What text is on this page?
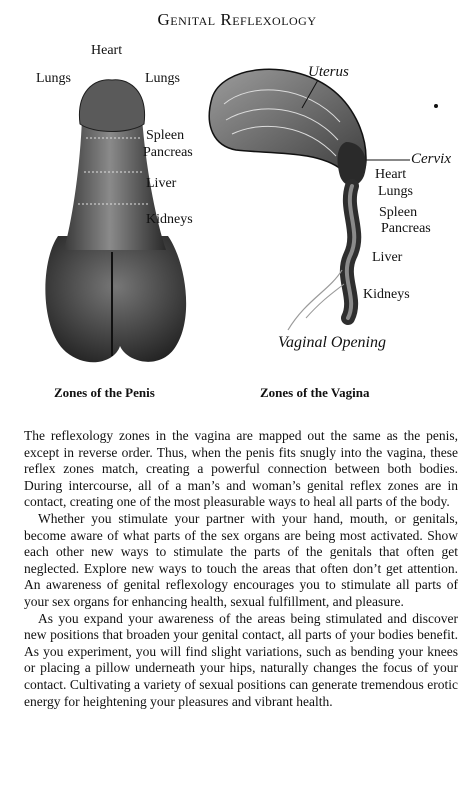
Genital Reflexology
Heart
Lungs	Lungs
Spleen
Pancreas
Liver
Kidneys
Uterus
Cervix
Heart
Lungs
Spleen
Pancreas
Liver
Kidneys
Vaginal Opening
Zones of the Penis	Zones of the Vagina

The reflexology zones in the vagina are mapped out the same as the penis, except in reverse order. Thus, when the penis fits snugly into the vagina, these reflex zones match, creating a powerful connection between both bodies. During intercourse, all of a man’s and woman’s genital reflex zones are in contact, creating one of the most pleasurable ways to heal all parts of the body.

Whether you stimulate your partner with your hand, mouth, or genitals, become aware of what parts of the sex organs are being most activated. Show each other new ways to stimulate the parts of the genitals that often get neglected. Explore new ways to touch the areas that often don’t get attention. An awareness of genital reflexology encourages you to stimulate all parts of your sex organs for enhancing health, sexual fulfillment, and pleasure.

As you expand your awareness of the areas being stimulated and discover new positions that broaden your genital contact, all parts of your bodies benefit. As you experiment, you will find slight variations, such as bending your knees or placing a pillow underneath your hips, naturally changes the focus of your contact. Cultivating a variety of sexual positions can generate tremendous erotic energy for heightening your pleasures and vibrant health.
